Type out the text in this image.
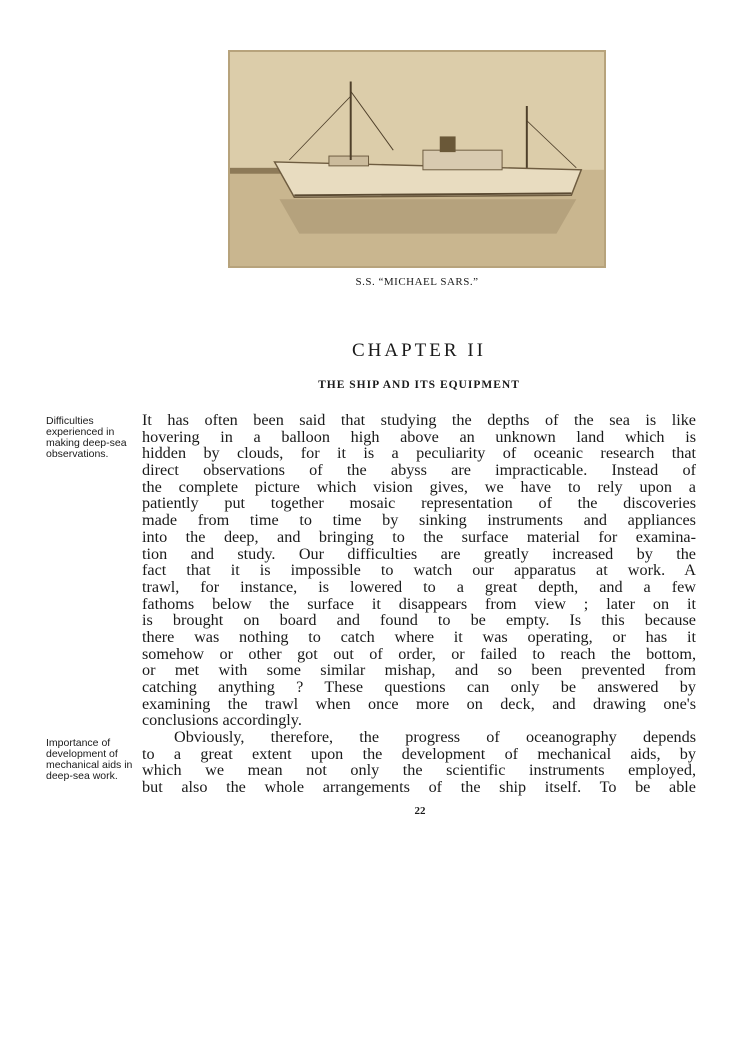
S.S. “MICHAEL SARS.”
CHAPTER II
THE SHIP AND ITS EQUIPMENT
Difficulties experienced in making deep-sea observations.
Importance of development of mechanical aids in deep-sea work.
It has often been said that studying the depths of the sea is like
hovering in a balloon high above an unknown land which is
hidden by clouds, for it is a peculiarity of oceanic research that
direct observations of the abyss are impracticable. Instead of
the complete picture which vision gives, we have to rely upon a
patiently put together mosaic representation of the discoveries
made from time to time by sinking instruments and appliances
into the deep, and bringing to the surface material for examina-
tion and study. Our difficulties are greatly increased by the
fact that it is impossible to watch our apparatus at work. A
trawl, for instance, is lowered to a great depth, and a few
fathoms below the surface it disappears from view ; later on it
is brought on board and found to be empty. Is this because
there was nothing to catch where it was operating, or has it
somehow or other got out of order, or failed to reach the bottom,
or met with some similar mishap, and so been prevented from
catching anything ? These questions can only be answered by
examining the trawl when once more on deck, and drawing one's
conclusions accordingly.
Obviously, therefore, the progress of oceanography depends
to a great extent upon the development of mechanical aids, by
which we mean not only the scientific instruments employed,
but also the whole arrangements of the ship itself. To be able
22
